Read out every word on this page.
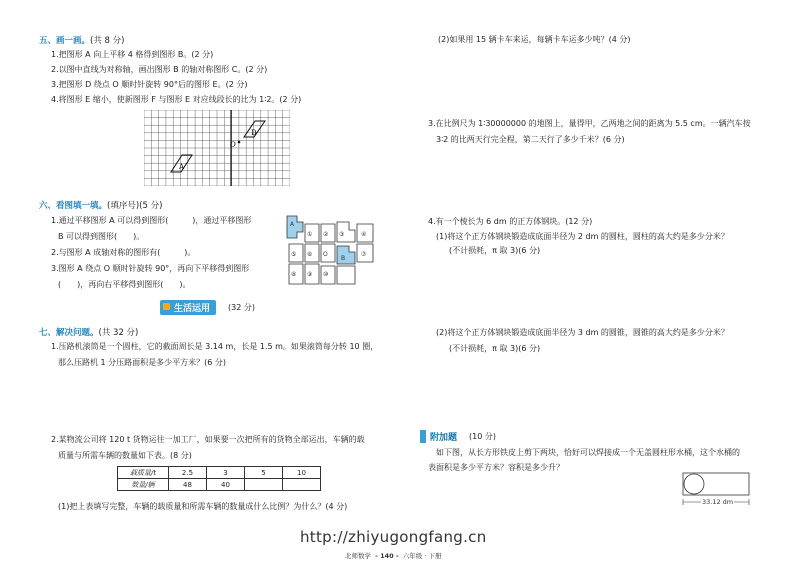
五、画一画。(共 8 分)
1.把图形 A 向上平移 4 格得到图形 B。(2 分)
2.以图中直线为对称轴，画出图形 B 的轴对称图形 C。(2 分)
3.把图形 D 绕点 O 顺时针旋转 90°后的图形 E。(2 分)
4.将图形 E 缩小，使新图形 F 与图形 E 对应线段长的比为 1∶2。(2 分)
A
D
O
六、看图填一填。(填序号)(5 分)
1.通过平移图形 A 可以得到图形(　　　)，通过平移图形
B 可以得到图形(　　)。
2.与图形 A 成轴对称的图形有(　　　)。
3.图形 A 绕点 O 顺时针旋转 90°，再向下平移得到图形
(　　)，再向右平移得到图形(　　)。
A
① ② ③	④
⑤ ⑥ O
B
⑦
⑧ ⑨ ⑩
生活运用	(32 分)
七、解决问题。(共 32 分)
1.压路机滚筒是一个圆柱，它的截面周长是 3.14 m，长是 1.5 m。如果滚筒每分转 10 圈，
那么压路机 1 分压路面积是多少平方米？(6 分)
2.某物流公司将 120 t 货物运往一加工厂，如果要一次把所有的货物全部运出，车辆的载
质量与所需车辆的数量如下表。(8 分)
载质量/t	2.5	3	5	10
数量/辆	48	40		
(1)把上表填写完整，车辆的载质量和所需车辆的数量成什么比例？为什么？(4 分)
(2)如果用 15 辆卡车来运，每辆卡车运多少吨？(4 分)
3.在比例尺为 1∶30000000 的地图上，量得甲，乙两地之间的距离为 5.5 cm。一辆汽车按
3∶2 的比两天行完全程，第二天行了多少千米？(6 分)
4.有一个棱长为 6 dm 的正方体钢块。(12 分)
(1)将这个正方体钢块锻造成底面半径为 2 dm 的圆柱，圆柱的高大约是多少分米？
(不计损耗，π 取 3)(6 分)
(2)将这个正方体钢块锻造成底面半径为 3 dm 的圆锥，圆锥的高大约是多少分米？
(不计损耗，π 取 3)(6 分)
附加题 (10 分)
如下图，从长方形铁皮上剪下两块，恰好可以焊接成一个无盖圆柱形水桶，这个水桶的
表面积是多少平方米？容积是多少升？
33.12 dm
http://zhiyugongfang.cn
北师数学 - 140 - 六年级 · 下册
